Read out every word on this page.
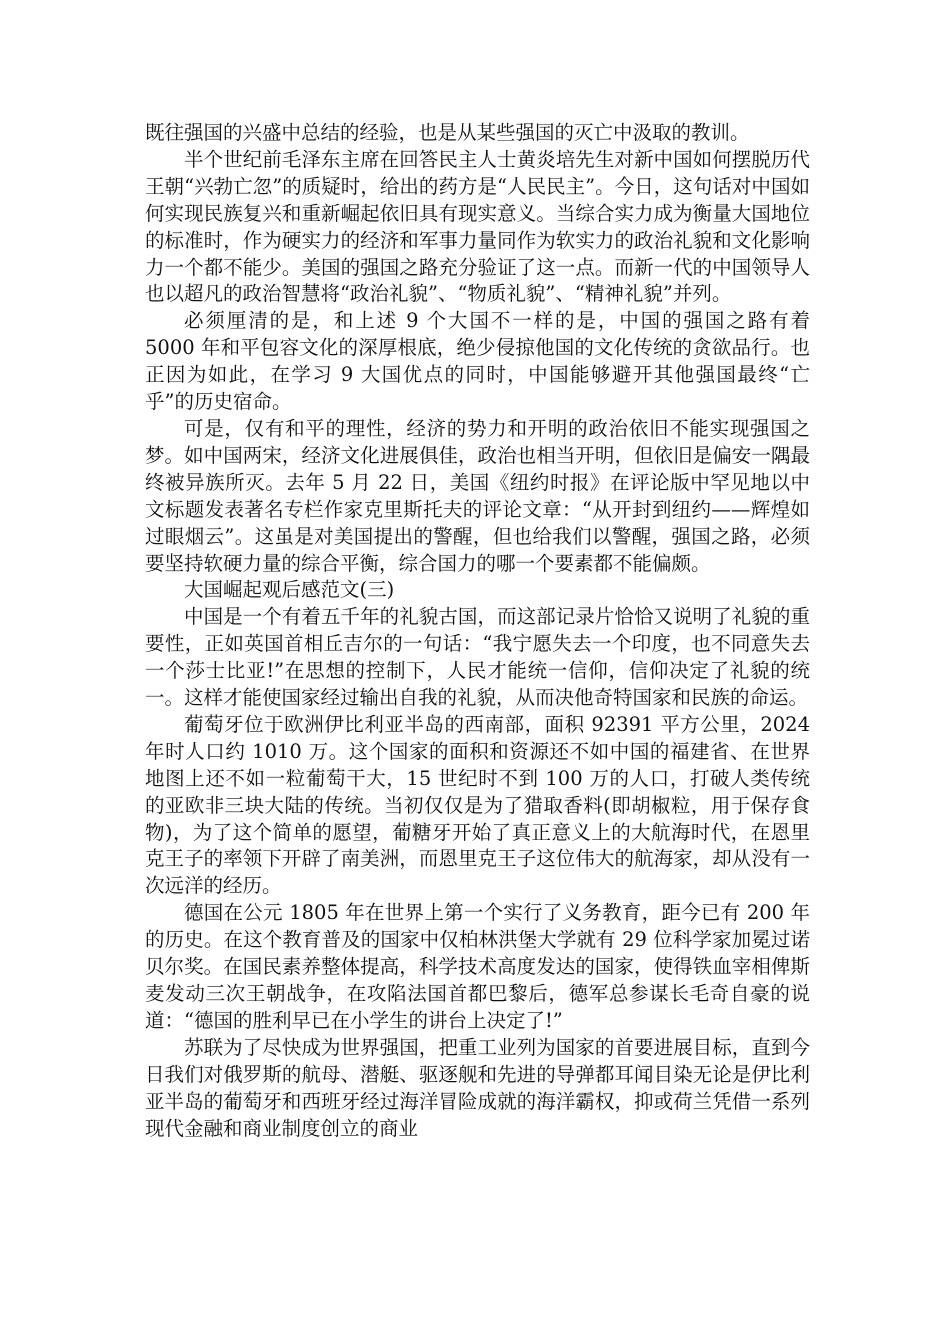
既往强国的兴盛中总结的经验，也是从某些强国的灭亡中汲取的教训。

半个世纪前毛泽东主席在回答民主人士黄炎培先生对新中国如何摆脱历代王朝“兴勃亡忽”的质疑时，给出的药方是“人民民主”。今日，这句话对中国如何实现民族复兴和重新崛起依旧具有现实意义。当综合实力成为衡量大国地位的标准时，作为硬实力的经济和军事力量同作为软实力的政治礼貌和文化影响力一个都不能少。美国的强国之路充分验证了这一点。而新一代的中国领导人也以超凡的政治智慧将“政治礼貌”、“物质礼貌”、“精神礼貌”并列。

必须厘清的是，和上述 9 个大国不一样的是，中国的强国之路有着 5000 年和平包容文化的深厚根底，绝少侵掠他国的文化传统的贪欲品行。也正因为如此，在学习 9 大国优点的同时，中国能够避开其他强国最终“亡乎”的历史宿命。

可是，仅有和平的理性，经济的势力和开明的政治依旧不能实现强国之梦。如中国两宋，经济文化进展俱佳，政治也相当开明，但依旧是偏安一隅最终被异族所灭。去年 5 月 22 日，美国《纽约时报》在评论版中罕见地以中文标题发表著名专栏作家克里斯托夫的评论文章：“从开封到纽约——辉煌如过眼烟云”。这虽是对美国提出的警醒，但也给我们以警醒，强国之路，必须要坚持软硬力量的综合平衡，综合国力的哪一个要素都不能偏颇。

大国崛起观后感范文(三)

中国是一个有着五千年的礼貌古国，而这部记录片恰恰又说明了礼貌的重要性，正如英国首相丘吉尔的一句话：“我宁愿失去一个印度，也不同意失去一个莎士比亚!”在思想的控制下，人民才能统一信仰，信仰决定了礼貌的统一。这样才能使国家经过输出自我的礼貌，从而决他奇特国家和民族的命运。

葡萄牙位于欧洲伊比利亚半岛的西南部，面积 92391 平方公里，2024 年时人口约 1010 万。这个国家的面积和资源还不如中国的福建省、在世界地图上还不如一粒葡萄干大，15 世纪时不到 100 万的人口，打破人类传统的亚欧非三块大陆的传统。当初仅仅是为了猎取香料(即胡椒粒，用于保存食物)，为了这个简单的愿望，葡糖牙开始了真正意义上的大航海时代，在恩里克王子的率领下开辟了南美洲，而恩里克王子这位伟大的航海家，却从没有一次远洋的经历。

德国在公元 1805 年在世界上第一个实行了义务教育，距今已有 200 年的历史。在这个教育普及的国家中仅柏林洪堡大学就有 29 位科学家加冕过诺贝尔奖。在国民素养整体提高，科学技术高度发达的国家，使得铁血宰相俾斯麦发动三次王朝战争，在攻陷法国首都巴黎后，德军总参谋长毛奇自豪的说道：“德国的胜利早已在小学生的讲台上决定了!”

苏联为了尽快成为世界强国，把重工业列为国家的首要进展目标，直到今日我们对俄罗斯的航母、潜艇、驱逐舰和先进的导弹都耳闻目染无论是伊比利亚半岛的葡萄牙和西班牙经过海洋冒险成就的海洋霸权，抑或荷兰凭借一系列现代金融和商业制度创立的商业
